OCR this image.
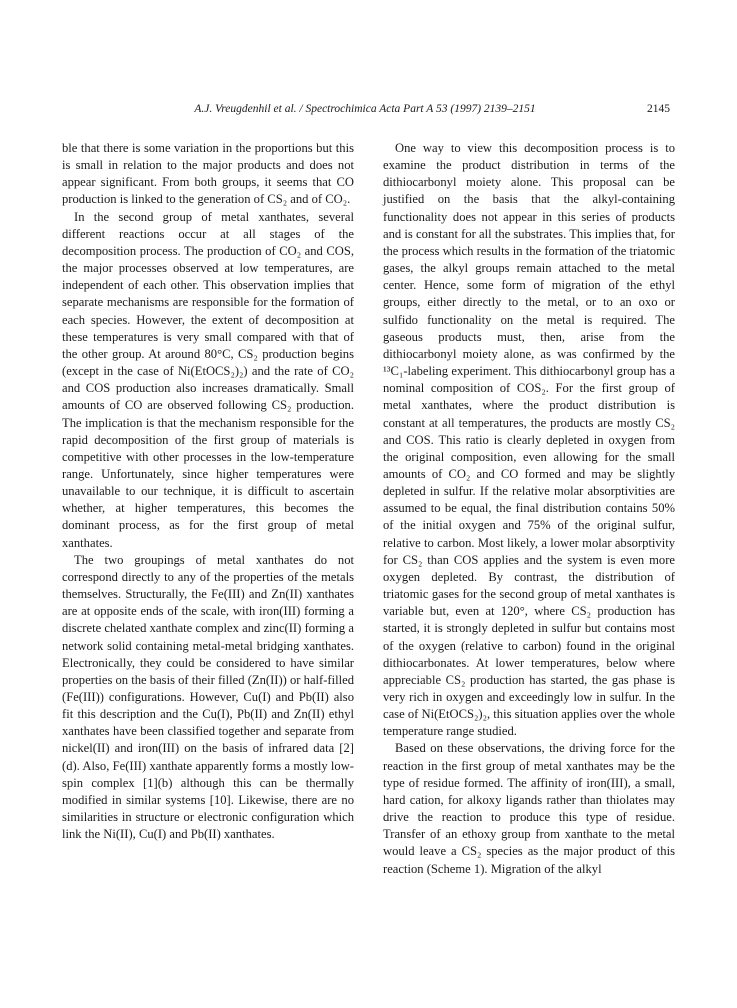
A.J. Vreugdenhil et al. / Spectrochimica Acta Part A 53 (1997) 2139–2151	2145

ble that there is some variation in the proportions but this is small in relation to the major products and does not appear significant. From both groups, it seems that CO production is linked to the generation of CS₂ and of CO₂.

In the second group of metal xanthates, several different reactions occur at all stages of the decomposition process. The production of CO₂ and COS, the major processes observed at low temperatures, are independent of each other. This observation implies that separate mechanisms are responsible for the formation of each species. However, the extent of decomposition at these temperatures is very small compared with that of the other group. At around 80°C, CS₂ production begins (except in the case of Ni(EtOCS₂)₂) and the rate of CO₂ and COS production also increases dramatically. Small amounts of CO are observed following CS₂ production. The implication is that the mechanism responsible for the rapid decomposition of the first group of materials is competitive with other processes in the low-temperature range. Unfortunately, since higher temperatures were unavailable to our technique, it is difficult to ascertain whether, at higher temperatures, this becomes the dominant process, as for the first group of metal xanthates.

The two groupings of metal xanthates do not correspond directly to any of the properties of the metals themselves. Structurally, the Fe(III) and Zn(II) xanthates are at opposite ends of the scale, with iron(III) forming a discrete chelated xanthate complex and zinc(II) forming a network solid containing metal-metal bridging xanthates. Electronically, they could be considered to have similar properties on the basis of their filled (Zn(II)) or half-filled (Fe(III)) configurations. However, Cu(I) and Pb(II) also fit this description and the Cu(I), Pb(II) and Zn(II) ethyl xanthates have been classified together and separate from nickel(II) and iron(III) on the basis of infrared data [2](d). Also, Fe(III) xanthate apparently forms a mostly low-spin complex [1](b) although this can be thermally modified in similar systems [10]. Likewise, there are no similarities in structure or electronic configuration which link the Ni(II), Cu(I) and Pb(II) xanthates.

One way to view this decomposition process is to examine the product distribution in terms of the dithiocarbonyl moiety alone. This proposal can be justified on the basis that the alkyl-containing functionality does not appear in this series of products and is constant for all the substrates. This implies that, for the process which results in the formation of the triatomic gases, the alkyl groups remain attached to the metal center. Hence, some form of migration of the ethyl groups, either directly to the metal, or to an oxo or sulfido functionality on the metal is required. The gaseous products must, then, arise from the dithiocarbonyl moiety alone, as was confirmed by the ¹³C₁-labeling experiment. This dithiocarbonyl group has a nominal composition of COS₂. For the first group of metal xanthates, where the product distribution is constant at all temperatures, the products are mostly CS₂ and COS. This ratio is clearly depleted in oxygen from the original composition, even allowing for the small amounts of CO₂ and CO formed and may be slightly depleted in sulfur. If the relative molar absorptivities are assumed to be equal, the final distribution contains 50% of the initial oxygen and 75% of the original sulfur, relative to carbon. Most likely, a lower molar absorptivity for CS₂ than COS applies and the system is even more oxygen depleted. By contrast, the distribution of triatomic gases for the second group of metal xanthates is variable but, even at 120°, where CS₂ production has started, it is strongly depleted in sulfur but contains most of the oxygen (relative to carbon) found in the original dithiocarbonates. At lower temperatures, below where appreciable CS₂ production has started, the gas phase is very rich in oxygen and exceedingly low in sulfur. In the case of Ni(EtOCS₂)₂, this situation applies over the whole temperature range studied.

Based on these observations, the driving force for the reaction in the first group of metal xanthates may be the type of residue formed. The affinity of iron(III), a small, hard cation, for alkoxy ligands rather than thiolates may drive the reaction to produce this type of residue. Transfer of an ethoxy group from xanthate to the metal would leave a CS₂ species as the major product of this reaction (Scheme 1). Migration of the alkyl
